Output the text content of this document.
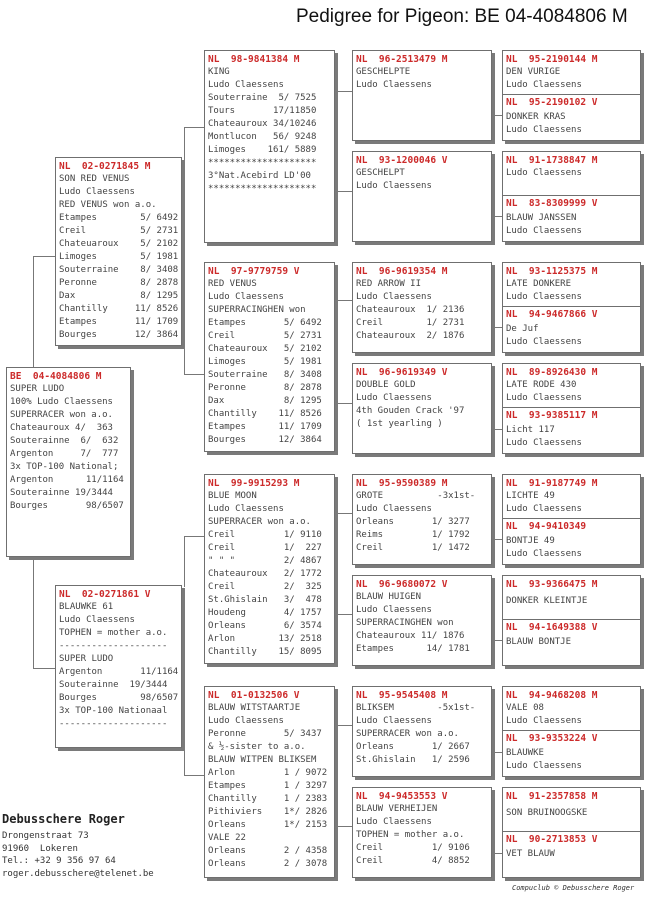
Pedigree for Pigeon: BE 04-4084806 M
BE  04-4084806 M
SUPER LUDO
100% Ludo Claessens
SUPERRACER won a.o.
Chateauroux 4/  363
Souterainne  6/  632
Argenton     7/  777
3x TOP-100 National;
Argenton      11/1164
Souterainne 19/3444
Bourges       98/6507
NL  02-0271845 M
SON RED VENUS
Ludo Claessens
RED VENUS won a.o.
Etampes        5/ 6492
Creil          5/ 2731
Chateuaroux    5/ 2102
Limoges        5/ 1981
Souterraine    8/ 3408
Peronne        8/ 2878
Dax            8/ 1295
Chantilly     11/ 8526
Etampes       11/ 1709
Bourges       12/ 3864
NL  02-0271861 V
BLAUWKE 61
Ludo Claessens
TOPHEN = mother a.o.
--------------------
SUPER LUDO
Argenton       11/1164
Souterainne  19/3444
Bourges        98/6507
3x TOP-100 Nationaal
--------------------
NL  98-9841384 M
KING
Ludo Claessens
Souterraine  5/ 7525
Tours       17/11850
Chateauroux 34/10246
Montlucon   56/ 9248
Limoges    161/ 5889
********************
3°Nat.Acebird LD'00
********************
NL  97-9779759 V
RED VENUS
Ludo Claessens
SUPERRACINGHEN won
Etampes       5/ 6492
Creil         5/ 2731
Chateauroux   5/ 2102
Limoges       5/ 1981
Souterraine   8/ 3408
Peronne       8/ 2878
Dax           8/ 1295
Chantilly    11/ 8526
Etampes      11/ 1709
Bourges      12/ 3864
NL  99-9915293 M
BLUE MOON
Ludo Claessens
SUPERRACER won a.o.
Creil         1/ 9110
Creil         1/  227
" " "         2/ 4867
Chateauroux   2/ 1772
Creil         2/  325
St.Ghislain   3/  478
Houdeng       4/ 1757
Orleans       6/ 3574
Arlon        13/ 2518
Chantilly    15/ 8095
NL  01-0132506 V
BLAUW WITSTAARTJE
Ludo Claessens
Peronne       5/ 3437
& ½-sister to a.o.
BLAUW WITPEN BLIKSEM
Arlon         1 / 9072
Etampes       1 / 3297
Chantilly     1 / 2383
Pithiviers    1*/ 2826
Orleans       1*/ 2153
VALE 22
Orleans       2 / 4358
Orleans       2 / 3078
NL  96-2513479 M
GESCHELPTE
Ludo Claessens
NL  93-1200046 V
GESCHELPT
Ludo Claessens
NL  96-9619354 M
RED ARROW II
Ludo Claessens
Chateauroux  1/ 2136
Creil        1/ 2731
Chateauroux  2/ 1876
NL  96-9619349 V
DOUBLE GOLD
Ludo Claessens
4th Gouden Crack '97
( 1st yearling )
NL  95-9590389 M
GROTE          -3x1st-
Ludo Claessens
Orleans       1/ 3277
Reims         1/ 1792
Creil         1/ 1472
NL  96-9680072 V
BLAUW HUIGEN
Ludo Claessens
SUPERRACINGHEN won
Chateauroux 11/ 1876
Etampes      14/ 1781
NL  95-9545408 M
BLIKSEM        -5x1st-
Ludo Claessens
SUPERRACER won a.o.
Orleans       1/ 2667
St.Ghislain   1/ 2596
NL  94-9453553 V
BLAUW VERHEIJEN
Ludo Claessens
TOPHEN = mother a.o.
Creil         1/ 9106
Creil         4/ 8852
NL  95-2190144 M
DEN VURIGE
Ludo Claessens
NL  95-2190102 V
DONKER KRAS
Ludo Claessens
NL  91-1738847 M
Ludo Claessens
NL  83-8309999 V
BLAUW JANSSEN
Ludo Claessens
NL  93-1125375 M
LATE DONKERE
Ludo Claessens
NL  94-9467866 V
De Juf
Ludo Claessens
NL  89-8926430 M
LATE RODE 430
Ludo Claessens
NL  93-9385117 M
Licht 117
Ludo Claessens
NL  91-9187749 M
LICHTE 49
Ludo Claessens
NL  94-9410349
BONTJE 49
Ludo Claessens
NL  93-9366475 M
DONKER KLEINTJE
NL  94-1649388 V
BLAUW BONTJE
NL  94-9468208 M
VALE 08
Ludo Claessens
NL  93-9353224 V
BLAUWKE
Ludo Claessens
NL  91-2357858 M
SON BRUINOOGSKE
NL  90-2713853 V
VET BLAUW
Debusschere Roger
Drongenstraat 73
91960  Lokeren
Tel.: +32 9 356 97 64
roger.debusschere@telenet.be
Compuclub © Debusschere Roger
